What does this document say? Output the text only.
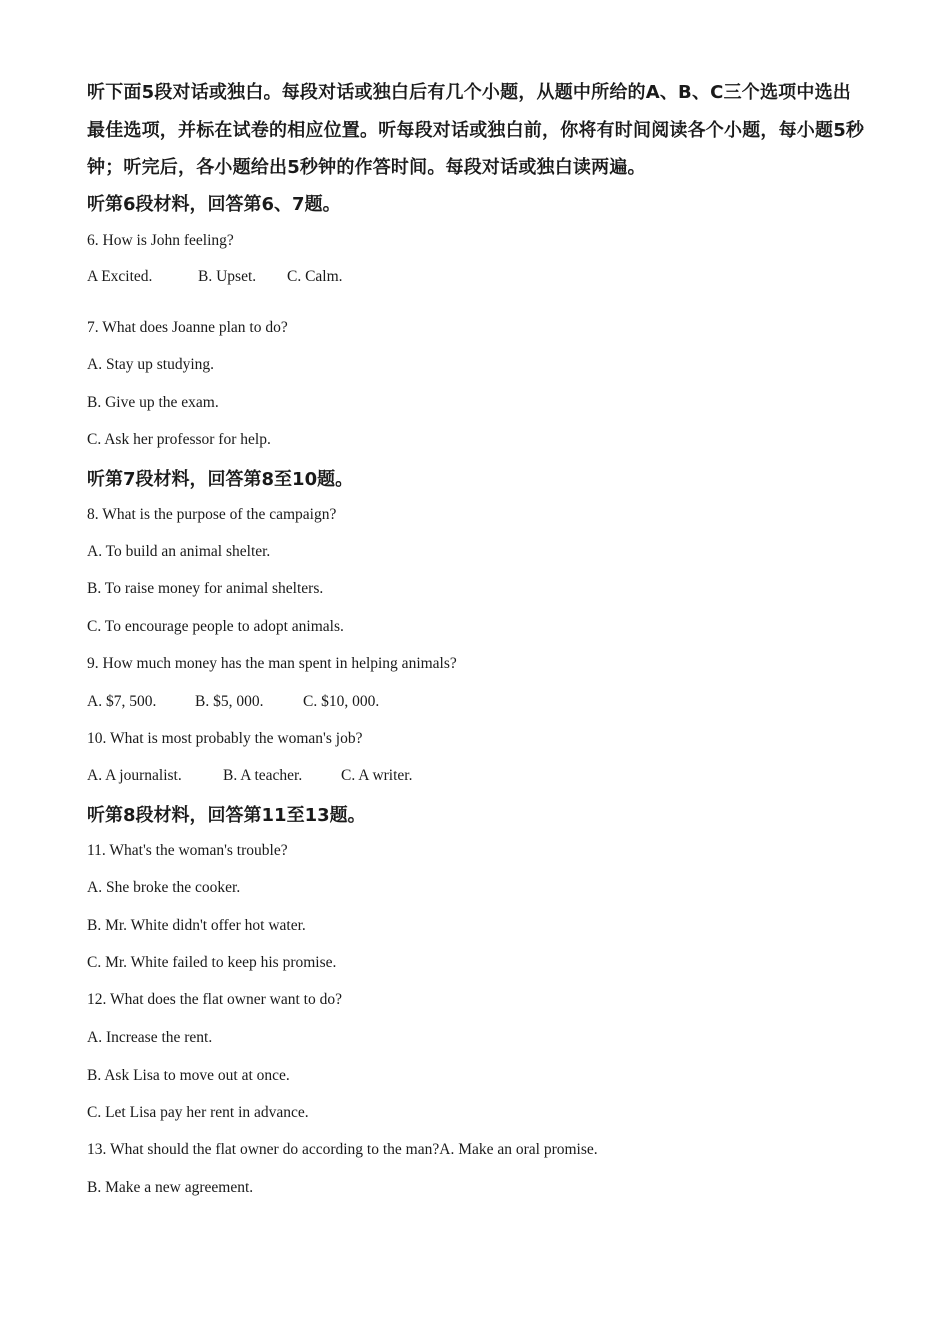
听下面5段对话或独白。每段对话或独白后有几个小题，从题中所给的A、B、C三个选项中选出最佳选项，并标在试卷的相应位置。听每段对话或独白前，你将有时间阅读各个小题，每小题5秒钟；听完后，各小题给出5秒钟的作答时间。每段对话或独白读两遍。
听第6段材料，回答第6、7题。
6. How is John feeling?
A Excited.	B. Upset. C. Calm.
7. What does Joanne plan to do?
A. Stay up studying.
B. Give up the exam.
C. Ask her professor for help.
听第7段材料，回答第8至10题。
8. What is the purpose of the campaign?
A. To build an animal shelter.
B. To raise money for animal shelters.
C. To encourage people to adopt animals.
9. How much money has the man spent in helping animals?
A. $7, 500. B. $5, 000.	C. $10, 000.
10. What is most probably the woman's job?
A. A journalist.	B. A teacher.	C. A writer.
听第8段材料，回答第11至13题。
11. What's the woman's trouble?
A. She broke the cooker.
B. Mr. White didn't offer hot water.
C. Mr. White failed to keep his promise.
12. What does the flat owner want to do?
A. Increase the rent.
B. Ask Lisa to move out at once.
C. Let Lisa pay her rent in advance.
13. What should the flat owner do according to the man?A. Make an oral promise.
B. Make a new agreement.
